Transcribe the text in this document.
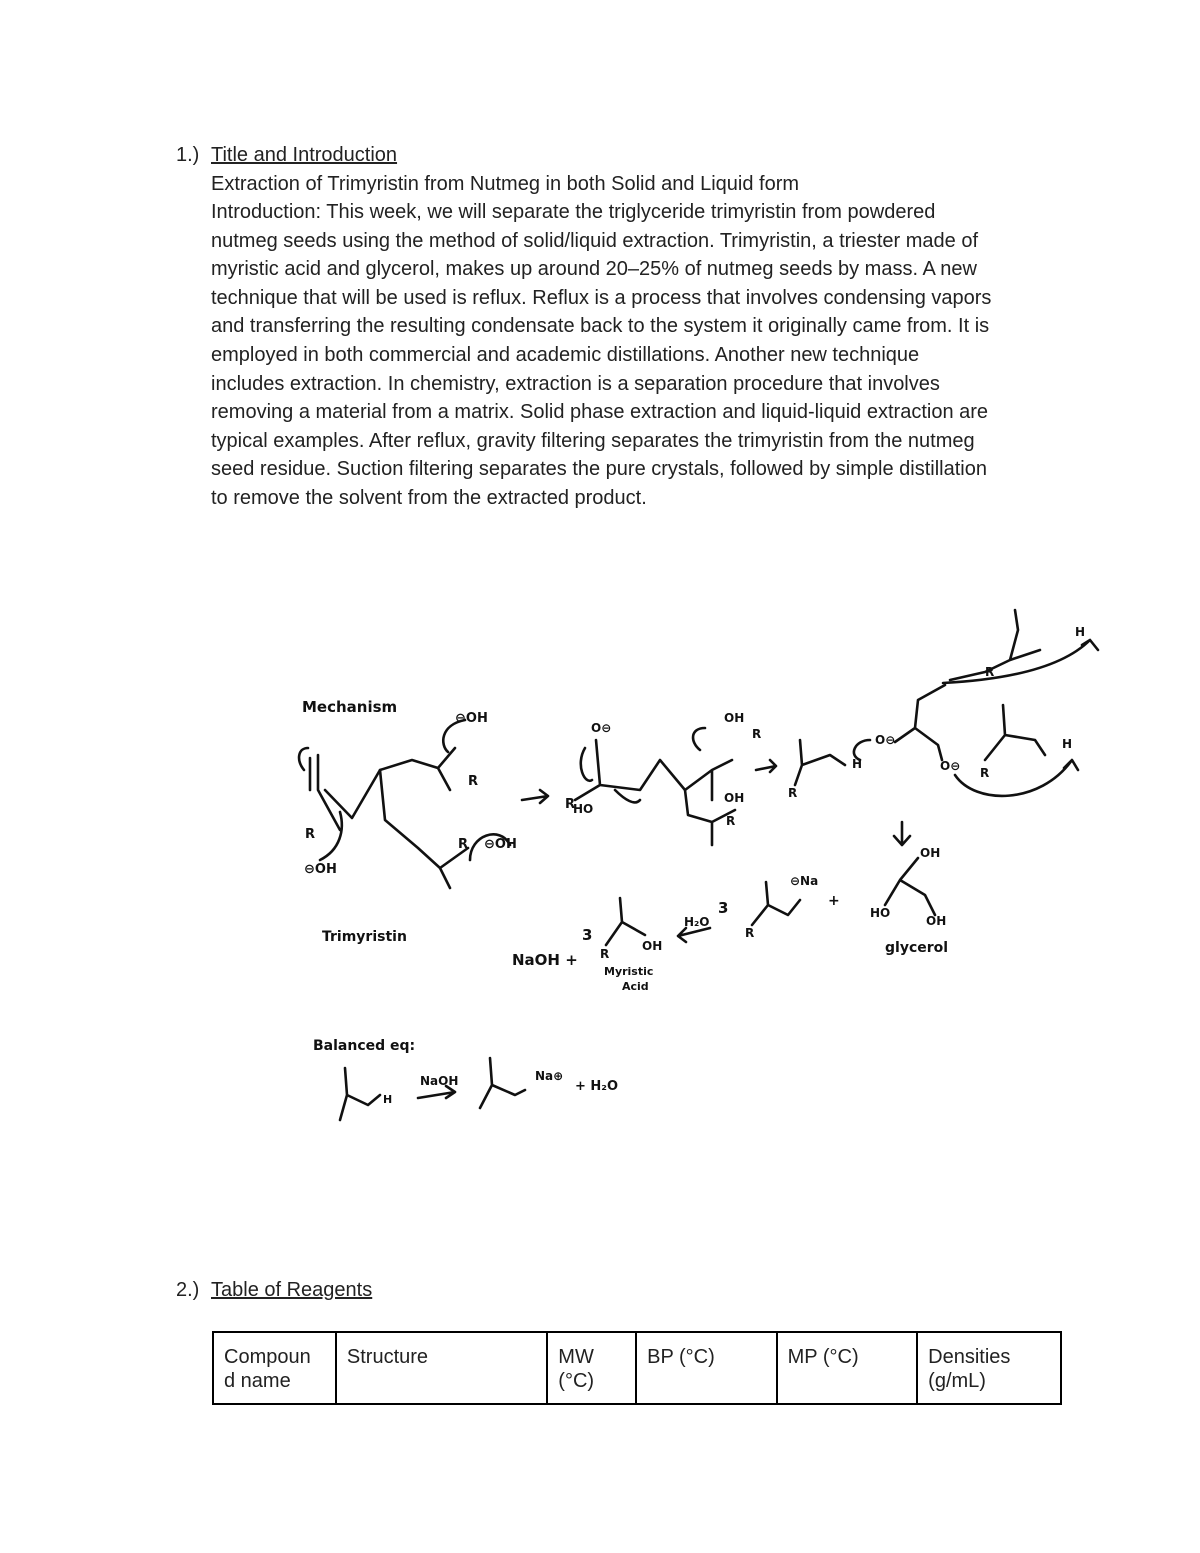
1.) Title and Introduction
Extraction of Trimyristin from Nutmeg in both Solid and Liquid form
Introduction: This week, we will separate the triglyceride trimyristin from powdered
nutmeg seeds using the method of solid/liquid extraction. Trimyristin, a triester made of
myristic acid and glycerol, makes up around 20–25% of nutmeg seeds by mass. A new
technique that will be used is reflux. Reflux is a process that involves condensing vapors
and transferring the resulting condensate back to the system it originally came from. It is
employed in both commercial and academic distillations. Another new technique
includes extraction. In chemistry, extraction is a separation procedure that involves
removing a material from a matrix. Solid phase extraction and liquid-liquid extraction are
typical examples. After reflux, gravity filtering separates the trimyristin from the nutmeg
seed residue. Suction filtering separates the pure crystals, followed by simple distillation
to remove the solvent from the extracted product.
Mechanism
⊖OH
R
R
⊖OH
R ⊖OH
Trimyristin
O⊖
R
HO
OH
R
OH
R
R
H
O⊖
R
H
O⊖ R
H
OH
HO
OH
glycerol
⊖Na
+
R
3
H₂O
3
R
OH
Myristic
Acid
NaOH +
Balanced eq:
H
NaOH	Na⊕
+ H₂O
2.) Table of Reagents
Compoun d name	Structure	MW (°C)	BP (°C)	MP (°C)	Densities (g/mL)
